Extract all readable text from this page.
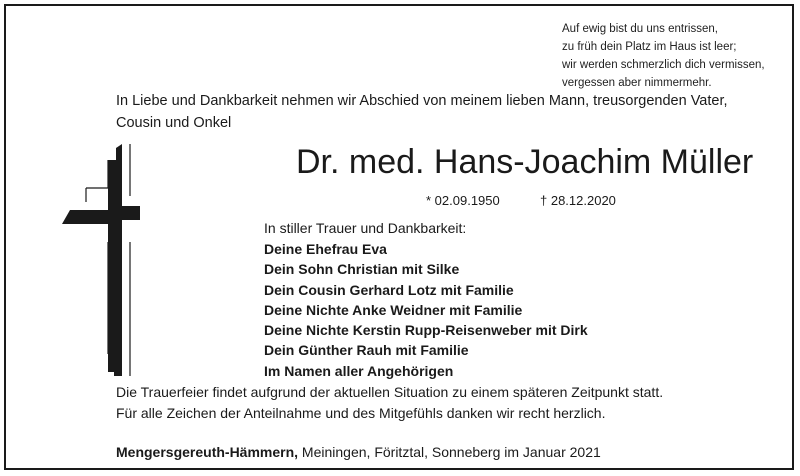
Auf ewig bist du uns entrissen,
zu früh dein Platz im Haus ist leer;
wir werden schmerzlich dich vermissen,
vergessen aber nimmermehr.
In Liebe und Dankbarkeit nehmen wir Abschied von meinem lieben Mann, treusorgenden Vater,
Cousin und Onkel
Dr. med. Hans-Joachim Müller
* 02.09.1950	† 28.12.2020
In stiller Trauer und Dankbarkeit:
Deine Ehefrau Eva
Dein Sohn Christian mit Silke
Dein Cousin Gerhard Lotz mit Familie
Deine Nichte Anke Weidner mit Familie
Deine Nichte Kerstin Rupp-Reisenweber mit Dirk
Dein Günther Rauh mit Familie
Im Namen aller Angehörigen
Die Trauerfeier findet aufgrund der aktuellen Situation zu einem späteren Zeitpunkt statt.
Für alle Zeichen der Anteilnahme und des Mitgefühls danken wir recht herzlich.
Mengersgereuth-Hämmern, Meiningen, Föritztal, Sonneberg im Januar 2021
